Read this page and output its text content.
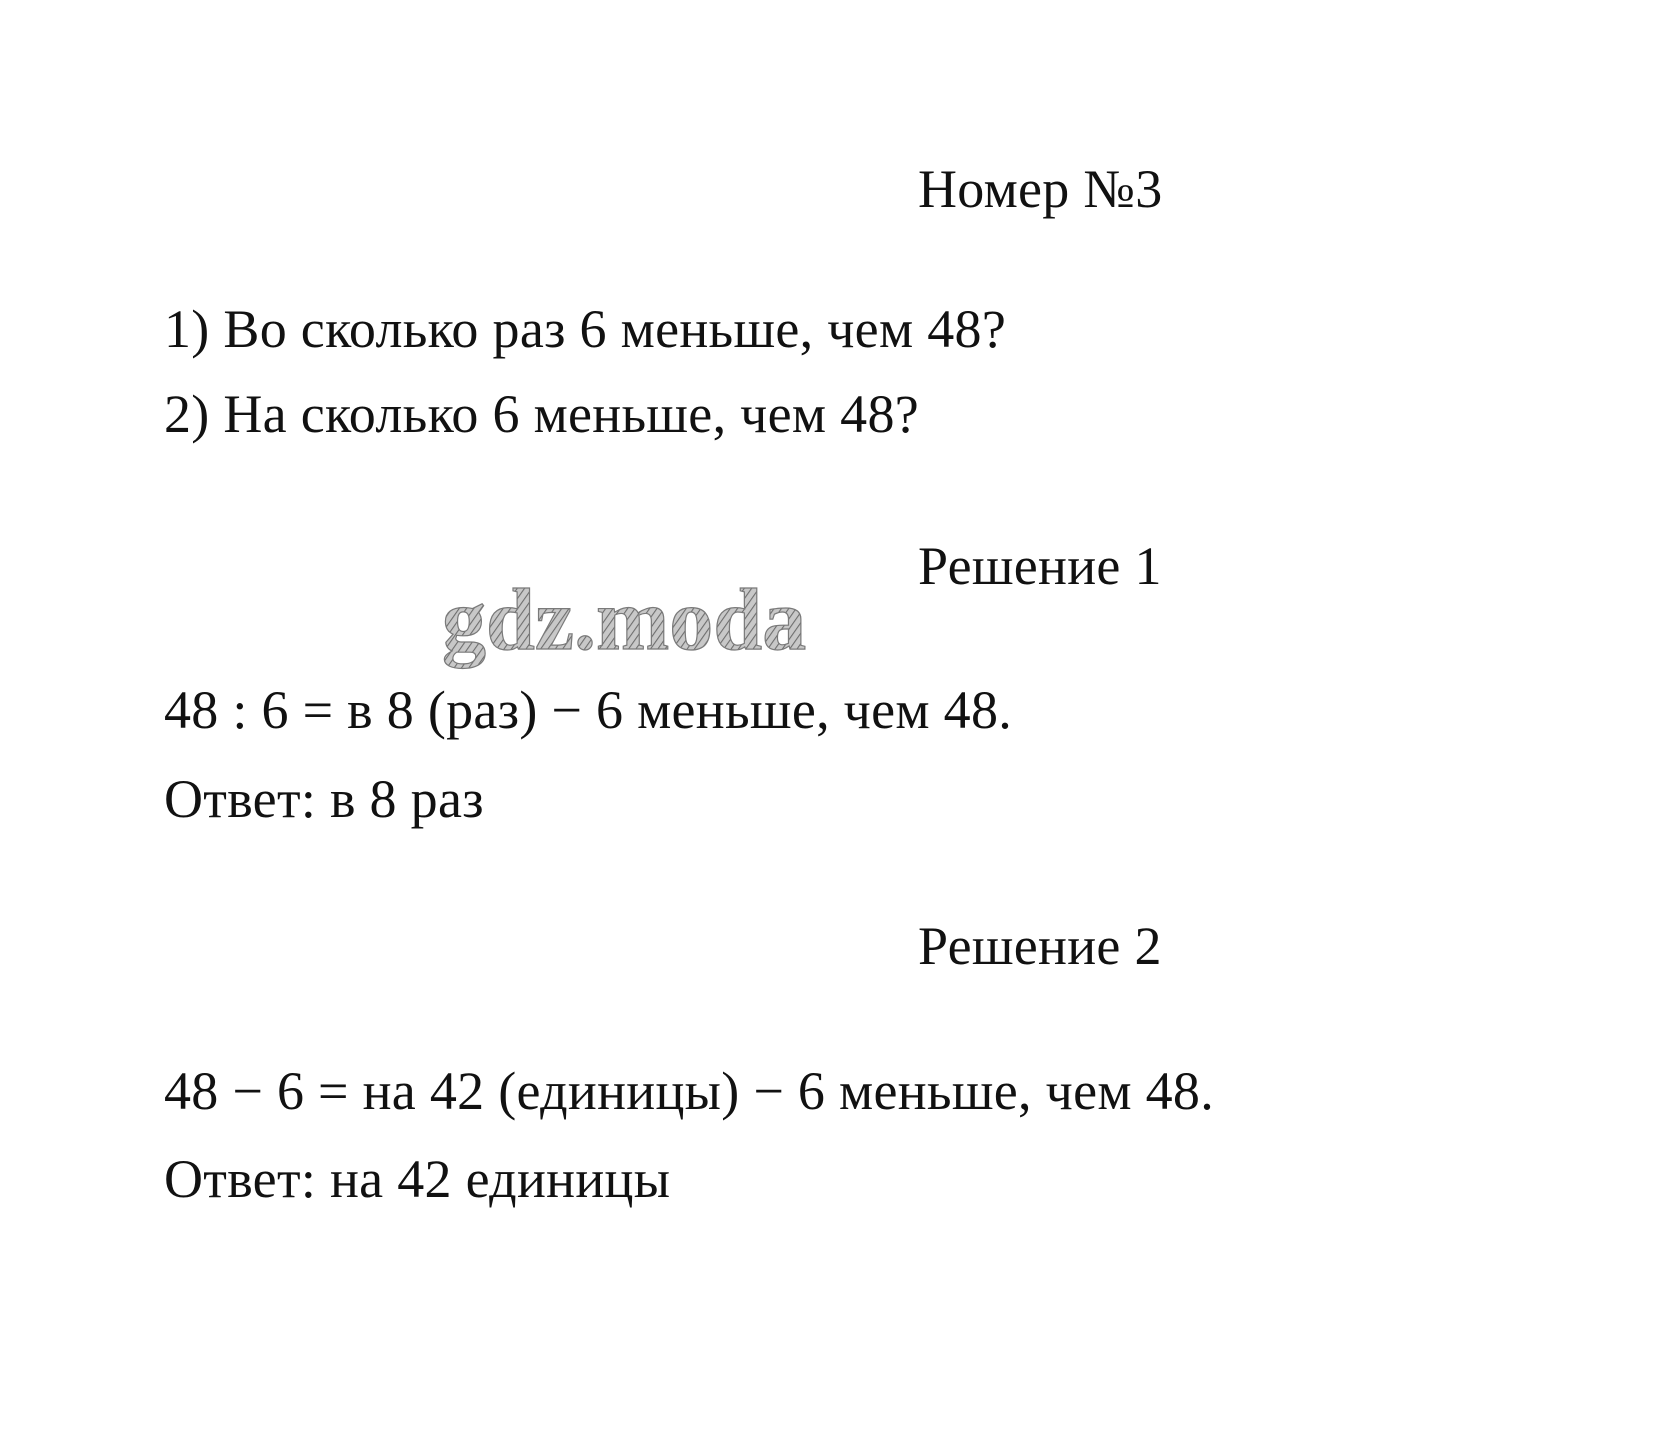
Номер №3
1) Во сколько раз 6 меньше, чем 48?
2) На сколько 6 меньше, чем 48?
Решение 1
gdz.moda
48 : 6 = в 8 (раз) − 6 меньше, чем 48.
Ответ: в 8 раз
Решение 2
48 − 6 = на 42 (единицы) − 6 меньше, чем 48.
Ответ: на 42 единицы
